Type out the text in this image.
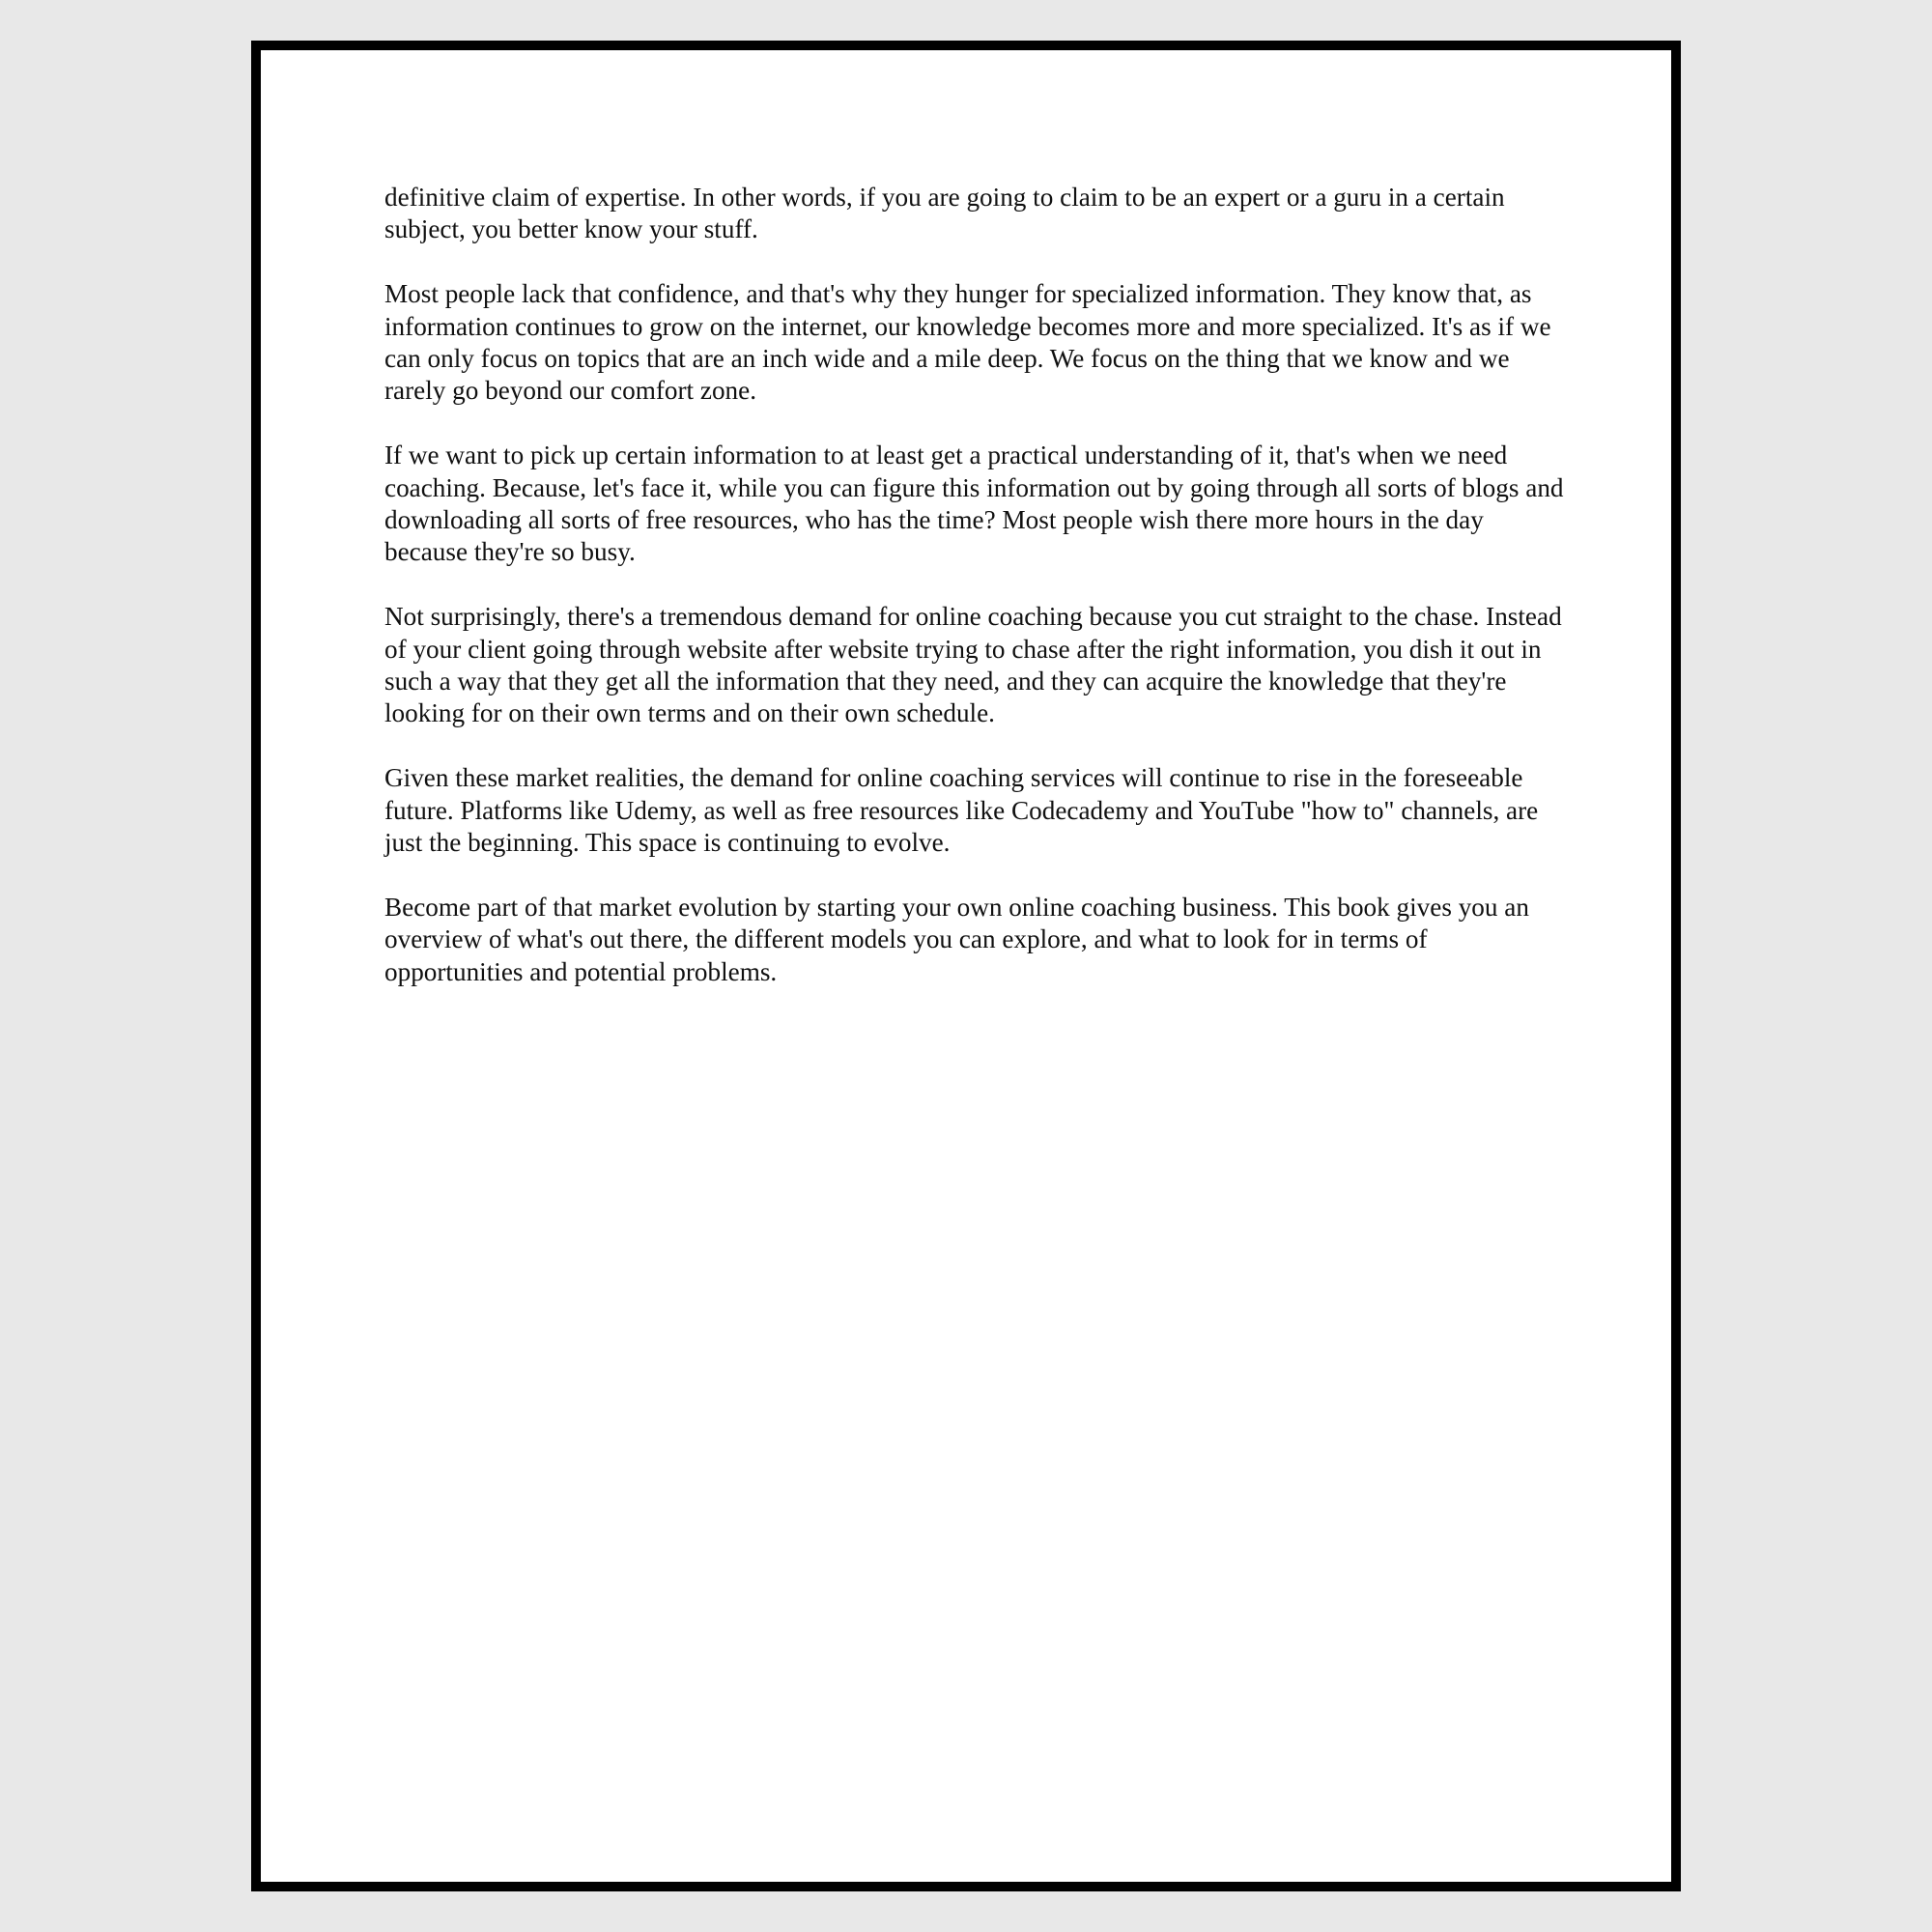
definitive claim of expertise. In other words, if you are going to claim to be an expert or a guru in a certain subject, you better know your stuff.

Most people lack that confidence, and that's why they hunger for specialized information. They know that, as information continues to grow on the internet, our knowledge becomes more and more specialized. It's as if we can only focus on topics that are an inch wide and a mile deep. We focus on the thing that we know and we rarely go beyond our comfort zone.

If we want to pick up certain information to at least get a practical understanding of it, that's when we need coaching. Because, let's face it, while you can figure this information out by going through all sorts of blogs and downloading all sorts of free resources, who has the time? Most people wish there more hours in the day because they're so busy.

Not surprisingly, there's a tremendous demand for online coaching because you cut straight to the chase. Instead of your client going through website after website trying to chase after the right information, you dish it out in such a way that they get all the information that they need, and they can acquire the knowledge that they're looking for on their own terms and on their own schedule.

Given these market realities, the demand for online coaching services will continue to rise in the foreseeable future. Platforms like Udemy, as well as free resources like Codecademy and YouTube "how to" channels, are just the beginning. This space is continuing to evolve.

Become part of that market evolution by starting your own online coaching business. This book gives you an overview of what's out there, the different models you can explore, and what to look for in terms of opportunities and potential problems.
